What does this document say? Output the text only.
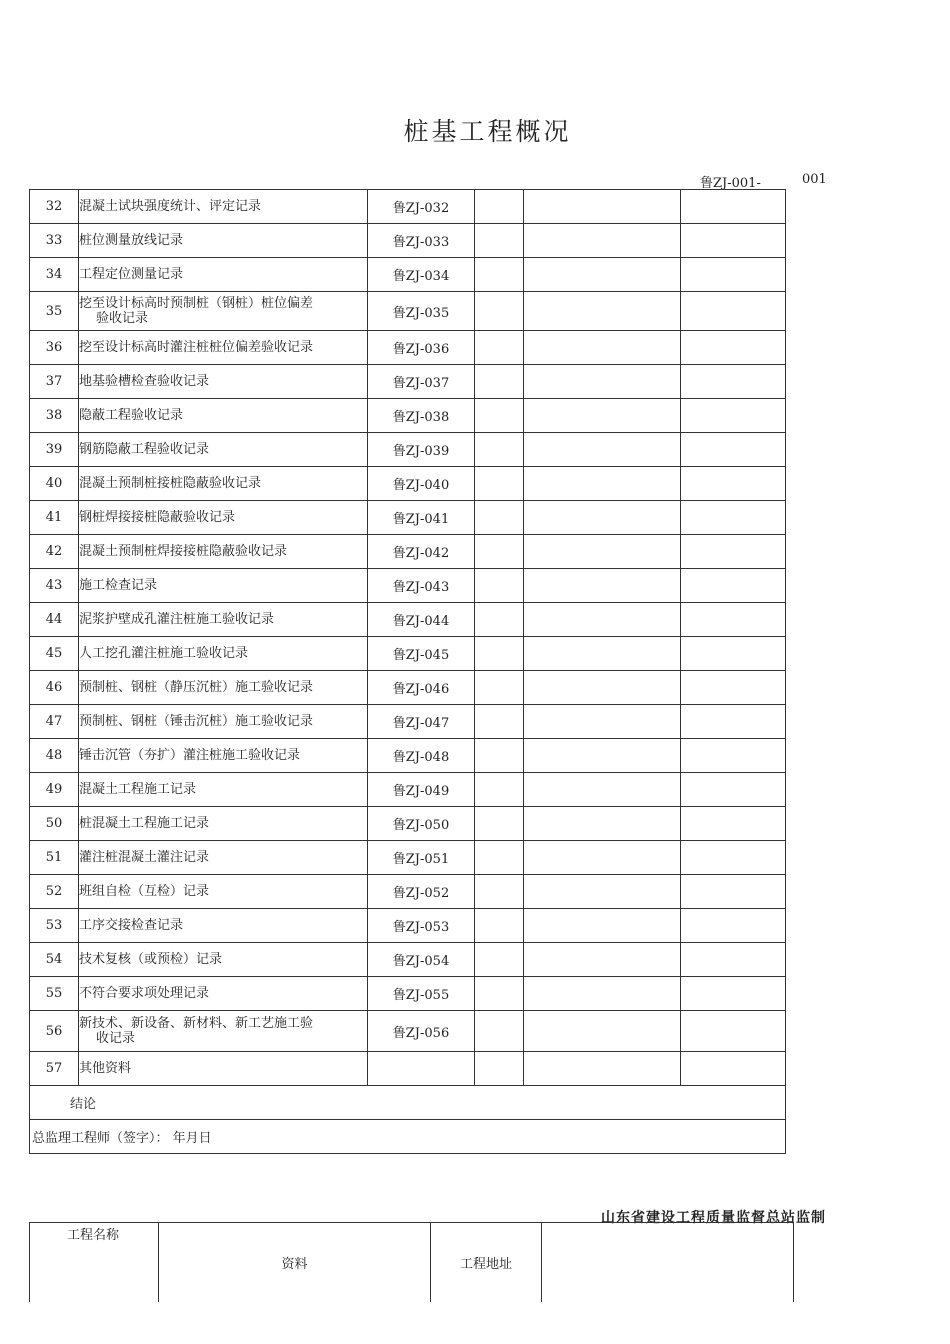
桩基工程概况
鲁ZJ-001-	001
32	混凝土试块强度统计、评定记录	鲁ZJ-032			
33	桩位测量放线记录	鲁ZJ-033			
34	工程定位测量记录	鲁ZJ-034			
35	挖至设计标高时预制桩（钢桩）桩位偏差
验收记录	鲁ZJ-035			
36	挖至设计标高时灌注桩桩位偏差验收记录	鲁ZJ-036			
37	地基验槽检查验收记录	鲁ZJ-037			
38	隐蔽工程验收记录	鲁ZJ-038			
39	钢筋隐蔽工程验收记录	鲁ZJ-039			
40	混凝土预制桩接桩隐蔽验收记录	鲁ZJ-040			
41	钢桩焊接接桩隐蔽验收记录	鲁ZJ-041			
42	混凝土预制桩焊接接桩隐蔽验收记录	鲁ZJ-042			
43	施工检查记录	鲁ZJ-043			
44	泥浆护壁成孔灌注桩施工验收记录	鲁ZJ-044			
45	人工挖孔灌注桩施工验收记录	鲁ZJ-045			
46	预制桩、钢桩（静压沉桩）施工验收记录	鲁ZJ-046			
47	预制桩、钢桩（锤击沉桩）施工验收记录	鲁ZJ-047			
48	锤击沉管（夯扩）灌注桩施工验收记录	鲁ZJ-048			
49	混凝土工程施工记录	鲁ZJ-049			
50	桩混凝土工程施工记录	鲁ZJ-050			
51	灌注桩混凝土灌注记录	鲁ZJ-051			
52	班组自检（互检）记录	鲁ZJ-052			
53	工序交接检查记录	鲁ZJ-053			
54	技术复核（或预检）记录	鲁ZJ-054			
55	不符合要求项处理记录	鲁ZJ-055			
56	新技术、新设备、新材料、新工艺施工验
收记录	鲁ZJ-056			
57	其他资料				
结论					
总监理工程师（签字）： 年月日					
山东省建设工程质量监督总站监制
工程名称	资料	工程地址	
